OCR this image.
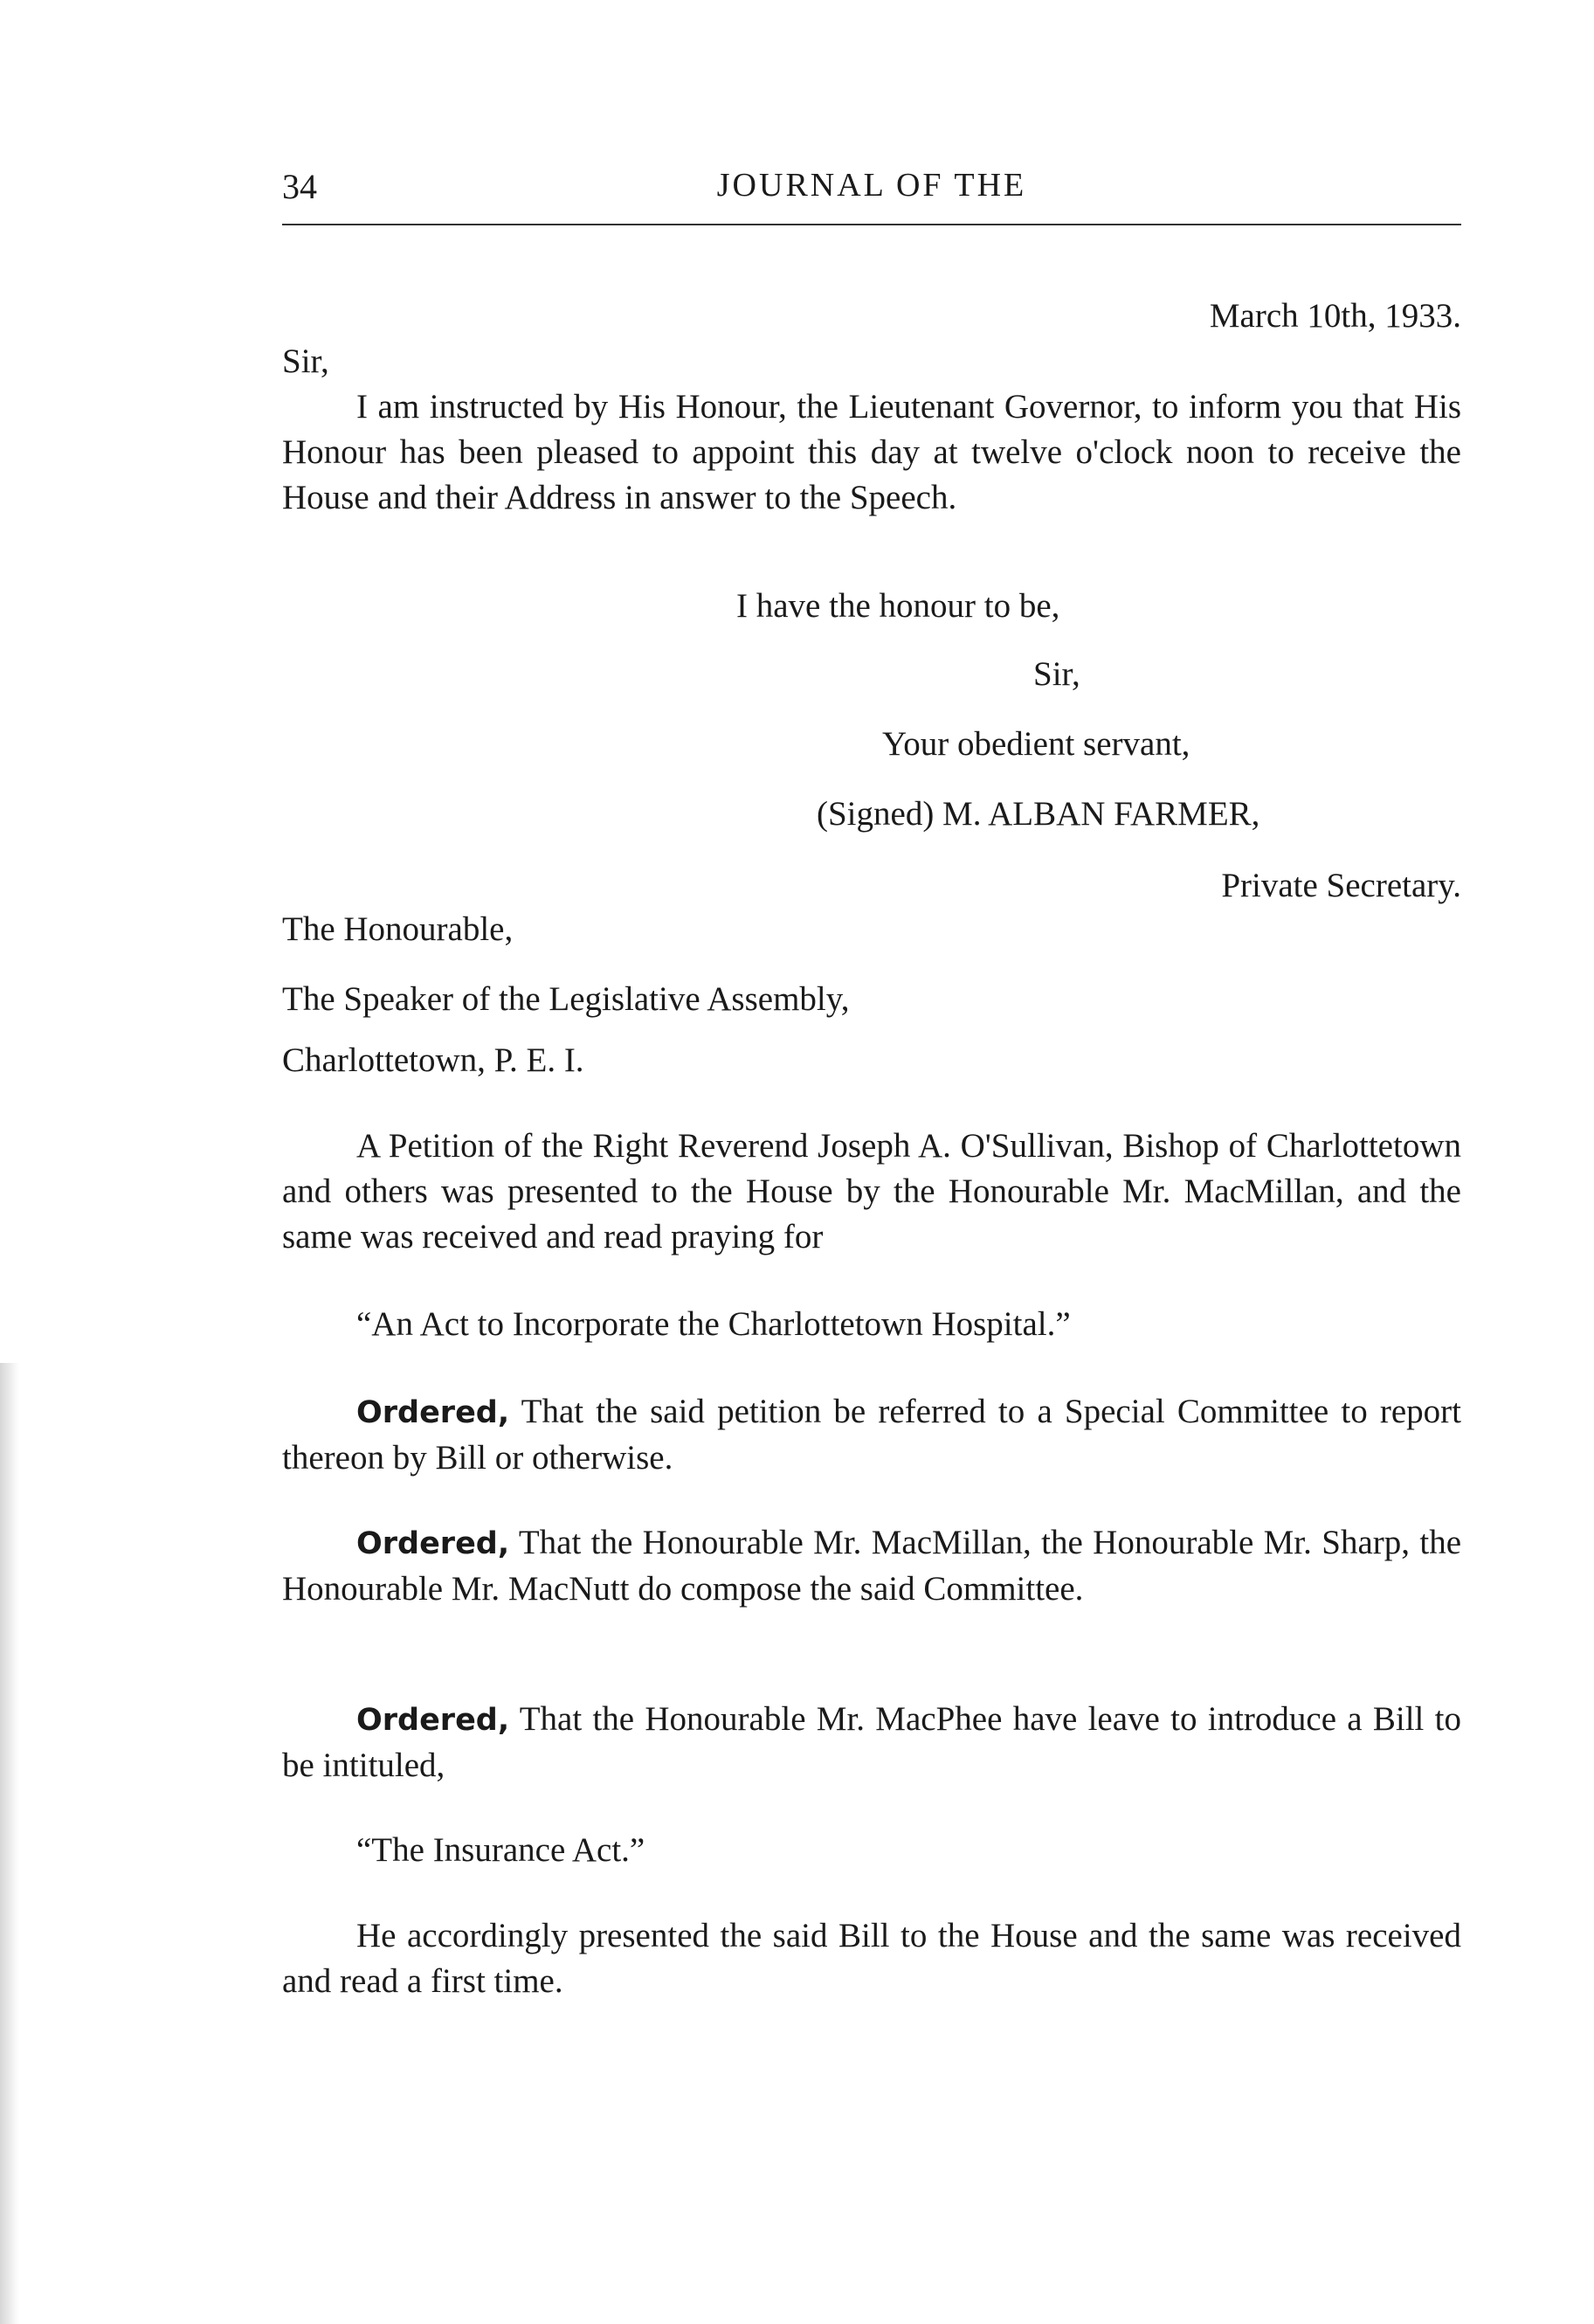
34	JOURNAL OF THE
March 10th, 1933.
Sir,

I am instructed by His Honour, the Lieutenant Governor, to inform you that His Honour has been pleased to appoint this day at twelve o'clock noon to receive the House and their Address in answer to the Speech.

I have the honour to be,
Sir,
Your obedient servant,
(Signed) M. ALBAN FARMER,
Private Secretary.
The Honourable,
The Speaker of the Legislative Assembly,
Charlottetown, P. E. I.

A Petition of the Right Reverend Joseph A. O'Sullivan, Bishop of Charlottetown and others was presented to the House by the Honourable Mr. MacMillan, and the same was received and read praying for

“An Act to Incorporate the Charlottetown Hospital.”

Ordered, That the said petition be referred to a Special Committee to report thereon by Bill or otherwise.

Ordered, That the Honourable Mr. MacMillan, the Honourable Mr. Sharp, the Honourable Mr. MacNutt do compose the said Committee.

Ordered, That the Honourable Mr. MacPhee have leave to introduce a Bill to be intituled,

“The Insurance Act.”

He accordingly presented the said Bill to the House and the same was received and read a first time.
